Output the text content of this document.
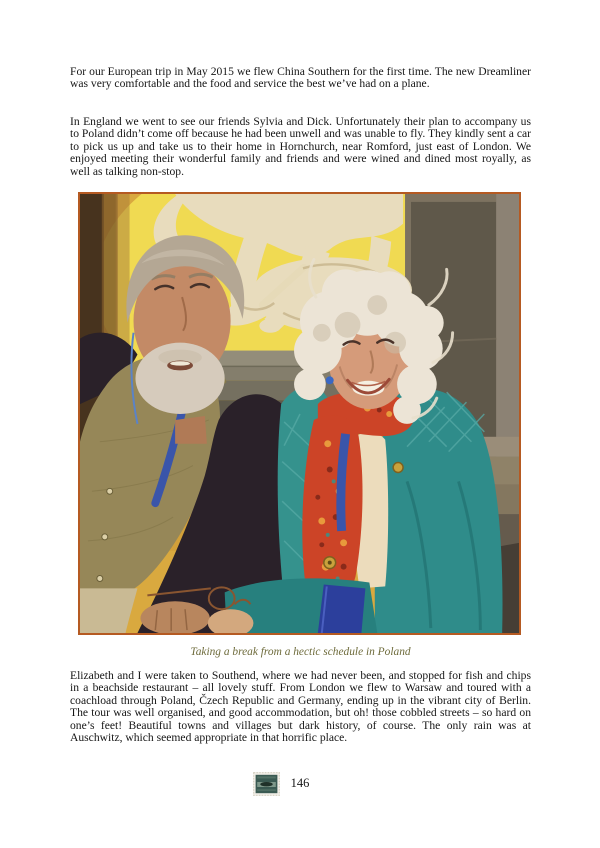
For our European trip in May 2015 we flew China Southern for the first time. The new Dreamliner was very comfortable and the food and service the best we’ve had on a plane.

In England we went to see our friends Sylvia and Dick. Unfortunately their plan to accompany us to Poland didn’t come off because he had been unwell and was unable to fly. They kindly sent a car to pick us up and take us to their home in Hornchurch, near Romford, just east of London. We enjoyed meeting their wonderful family and friends and were wined and dined most royally, as well as talking non-stop.

Taking a break from a hectic schedule in Poland

Elizabeth and I were taken to Southend, where we had never been, and stopped for fish and chips in a beachside restaurant – all lovely stuff. From London we flew to Warsaw and toured with a coachload through Poland, Čzech Republic and Germany, ending up in the vibrant city of Berlin. The tour was well organised, and good accommodation, but oh! those cobbled streets – so hard on one’s feet! Beautiful towns and villages but dark history, of course. The only rain was at Auschwitz, which seemed appropriate in that horrific place.

146
